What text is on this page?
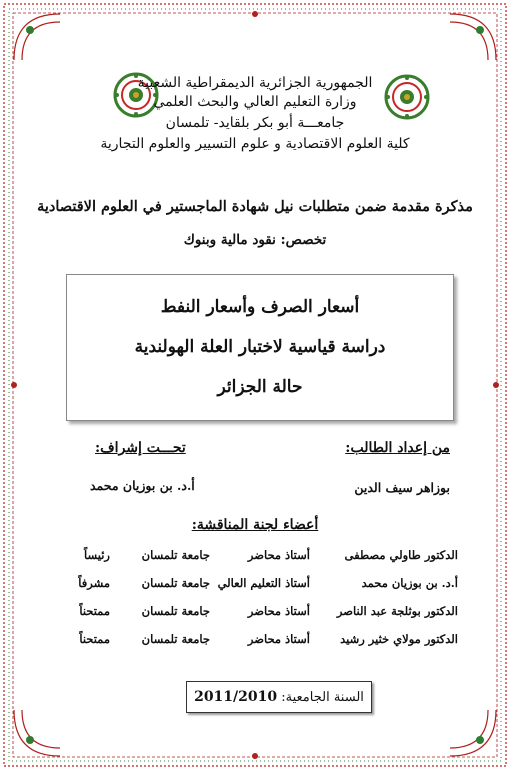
الجمهورية الجزائرية الديمقراطية الشعبية
وزارة التعليم العالي والبحث العلمي
جامعـــة أبو بكر بلقايد- تلمسان
كلية العلوم الاقتصادية و علوم التسيير والعلوم التجارية
مذكرة مقدمة ضمن متطلبات نيل شهادة الماجستير في العلوم الاقتصادية
تخصص: نقود مالية وبنوك
أسعار الصرف وأسعار النفط
دراسة قياسية لاختبار العلة الهولندية
حالة الجزائر
من إعداد الطالب:
بوزاهر سيف الدين
تحـــت إشراف:
أ.د. بن بوزيان محمد
أعضاء لجنة المناقشة:
الدكتور طاولي مصطفى
أستاذ محاضر
جامعة تلمسان
رئيساً
أ.د. بن بوزيان محمد
أستاذ التعليم العالي
جامعة تلمسان
مشرفاً
الدكتور بوثلجة عبد الناصر
أستاذ محاضر
جامعة تلمسان
ممتحناً
الدكتور مولاي خثير رشيد
أستاذ محاضر
جامعة تلمسان
ممتحناً
السنة الجامعية: 2011/2010
